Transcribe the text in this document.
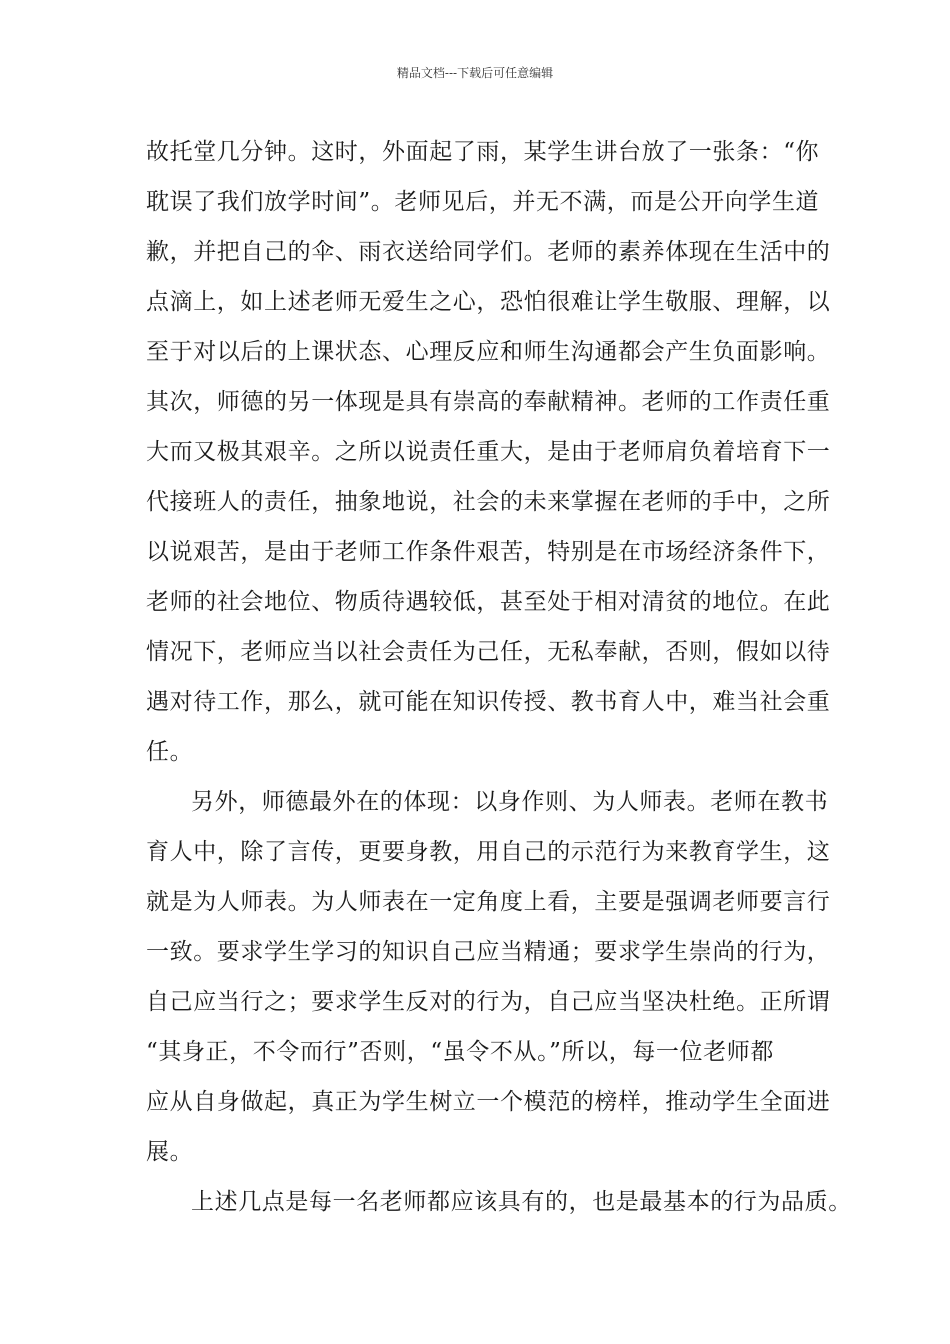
精品文档---下载后可任意编辑
故托堂几分钟。这时，外面起了雨，某学生讲台放了一张条：“你
耽误了我们放学时间”。老师见后，并无不满，而是公开向学生道
歉，并把自己的伞、雨衣送给同学们。老师的素养体现在生活中的
点滴上，如上述老师无爱生之心，恐怕很难让学生敬服、理解，以
至于对以后的上课状态、心理反应和师生沟通都会产生负面影响。
其次，师德的另一体现是具有崇高的奉献精神。老师的工作责任重
大而又极其艰辛。之所以说责任重大，是由于老师肩负着培育下一
代接班人的责任，抽象地说，社会的未来掌握在老师的手中，之所
以说艰苦，是由于老师工作条件艰苦，特别是在市场经济条件下，
老师的社会地位、物质待遇较低，甚至处于相对清贫的地位。在此
情况下，老师应当以社会责任为己任，无私奉献，否则，假如以待
遇对待工作，那么，就可能在知识传授、教书育人中，难当社会重
任。
另外，师德最外在的体现：以身作则、为人师表。老师在教书
育人中，除了言传，更要身教，用自己的示范行为来教育学生，这
就是为人师表。为人师表在一定角度上看，主要是强调老师要言行
一致。要求学生学习的知识自己应当精通；要求学生崇尚的行为，
自己应当行之；要求学生反对的行为，自己应当坚决杜绝。正所谓
“其身正，不令而行”否则，“虽令不从。”所以，每一位老师都
应从自身做起，真正为学生树立一个模范的榜样，推动学生全面进
展。
上述几点是每一名老师都应该具有的，也是最基本的行为品质。
